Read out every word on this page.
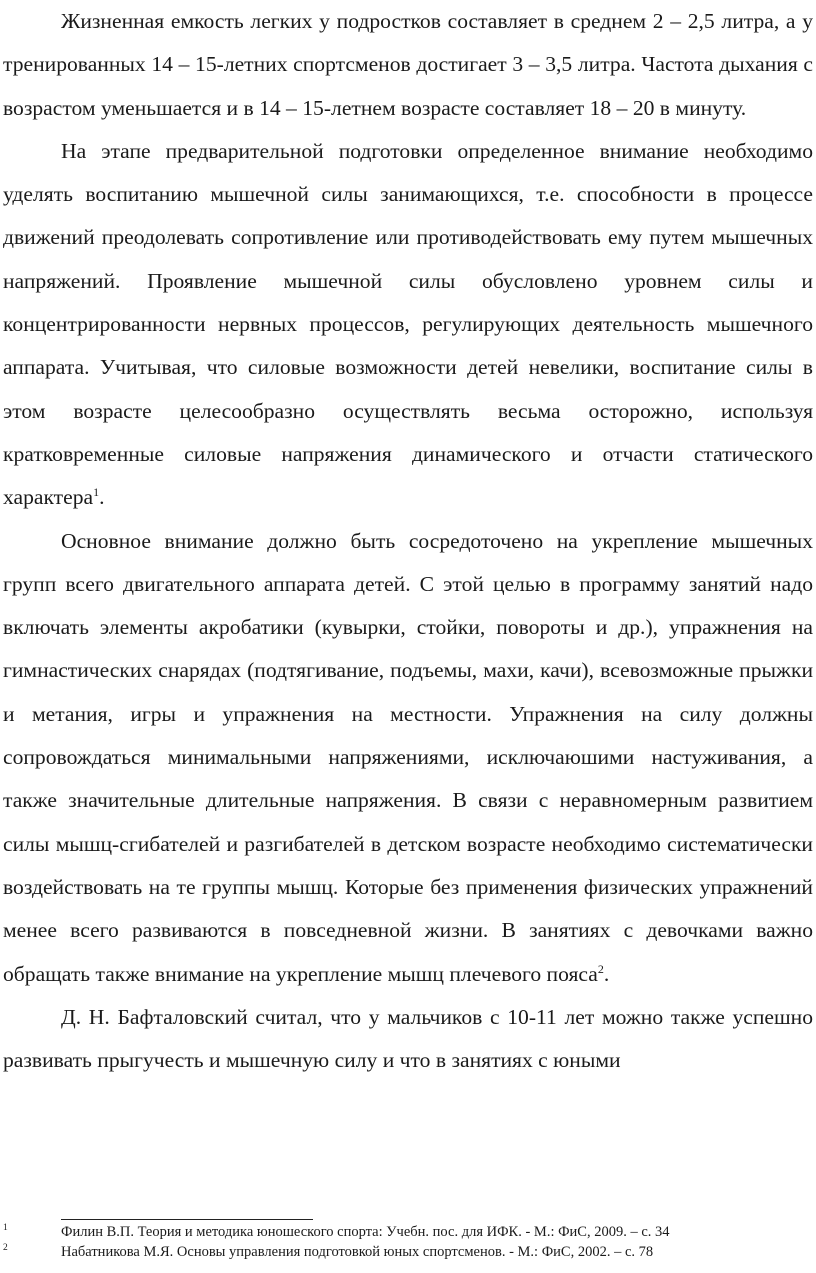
Жизненная емкость легких у подростков составляет в среднем 2 – 2,5 литра, а у тренированных 14 – 15-летних спортсменов достигает 3 – 3,5 литра. Частота дыхания с возрастом уменьшается и в 14 – 15-летнем возрасте составляет 18 – 20 в минуту.

На этапе предварительной подготовки определенное внимание необходимо уделять воспитанию мышечной силы занимающихся, т.е. способности в процессе движений преодолевать сопротивление или противодействовать ему путем мышечных напряжений. Проявление мышечной силы обусловлено уровнем силы и концентрированности нервных процессов, регулирующих деятельность мышечного аппарата. Учитывая, что силовые возможности детей невелики, воспитание силы в этом возрасте целесообразно осуществлять весьма осторожно, используя кратковременные силовые напряжения динамического и отчасти статического характера$^1$.

Основное внимание должно быть сосредоточено на укрепление мышечных групп всего двигательного аппарата детей. С этой целью в программу занятий надо включать элементы акробатики (кувырки, стойки, повороты и др.), упражнения на гимнастических снарядах (подтягивание, подъемы, махи, качи), всевозможные прыжки и метания, игры и упражнения на местности. Упражнения на силу должны сопровождаться минимальными напряжениями, исключаюшими настуживания, а также значительные длительные напряжения. В связи с неравномерным развитием силы мышц-сгибателей и разгибателей в детском возрасте необходимо систематически воздействовать на те группы мышц. Которые без применения физических упражнений менее всего развиваются в повседневной жизни. В занятиях с девочками важно обращать также внимание на укрепление мышц плечевого пояса$^2$.

Д. Н. Бафталовский считал, что у мальчиков с 10-11 лет можно также успешно развивать прыгучесть и мышечную силу и что в занятиях с юными

1	Филин В.П. Теория и методика юношеского спорта: Учебн. пос. для ИФК. - М.: ФиС, 2009. – с. 34

2	Набатникова М.Я. Основы управления подготовкой юных спортсменов. - М.: ФиС, 2002. – с. 78
